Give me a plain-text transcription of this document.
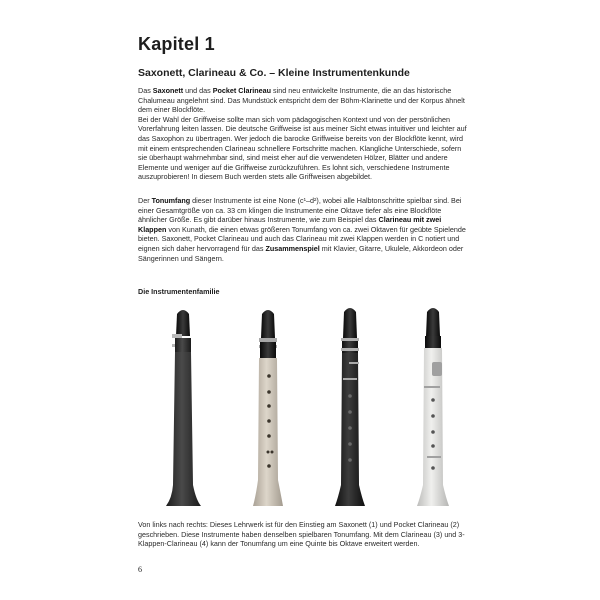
Kapitel 1
Saxonett, Clarineau & Co. – Kleine Instrumentenkunde
Das Saxonett und das Pocket Clarineau sind neu entwickelte Instrumente, die an das historische Chalumeau angelehnt sind. Das Mundstück entspricht dem der Böhm-Klarinette und der Korpus ähnelt dem einer Blockflöte.
Bei der Wahl der Griffweise sollte man sich vom pädagogischen Kontext und von der persönlichen Vorerfahrung leiten lassen. Die deutsche Griffweise ist aus meiner Sicht etwas intuitiver und leichter auf das Saxophon zu übertragen. Wer jedoch die barocke Griffweise bereits von der Blockflöte kennt, wird mit einem entsprechenden Clarineau schnellere Fortschritte machen. Klangliche Unterschiede, sofern sie überhaupt wahrnehmbar sind, sind meist eher auf die verwendeten Hölzer, Blätter und andere Elemente und weniger auf die Griffweise zurückzuführen. Es lohnt sich, verschiedene Instrumente auszuprobieren! In diesem Buch werden stets alle Griffweisen abgebildet.
Der Tonumfang dieser Instrumente ist eine None (c¹–d²), wobei alle Halbtonschritte spielbar sind. Bei einer Gesamtgröße von ca. 33 cm klingen die Instrumente eine Oktave tiefer als eine Blockflöte ähnlicher Größe. Es gibt darüber hinaus Instrumente, wie zum Beispiel das Clarineau mit zwei Klappen von Kunath, die einen etwas größeren Tonumfang von ca. zwei Oktaven für geübte Spielende bieten. Saxonett, Pocket Clarineau und auch das Clarineau mit zwei Klappen werden in C notiert und eignen sich daher hervorragend für das Zusammenspiel mit Klavier, Gitarre, Ukulele, Akkordeon oder Sängerinnen und Sängern.
Die Instrumentenfamilie
Von links nach rechts: Dieses Lehrwerk ist für den Einstieg am Saxonett (1) und Pocket Clarineau (2) geschrieben. Diese Instrumente haben denselben spielbaren Tonumfang. Mit dem Clarineau (3) und 3-Klappen-Clarineau (4) kann der Tonumfang um eine Quinte bis Oktave erweitert werden.
6
